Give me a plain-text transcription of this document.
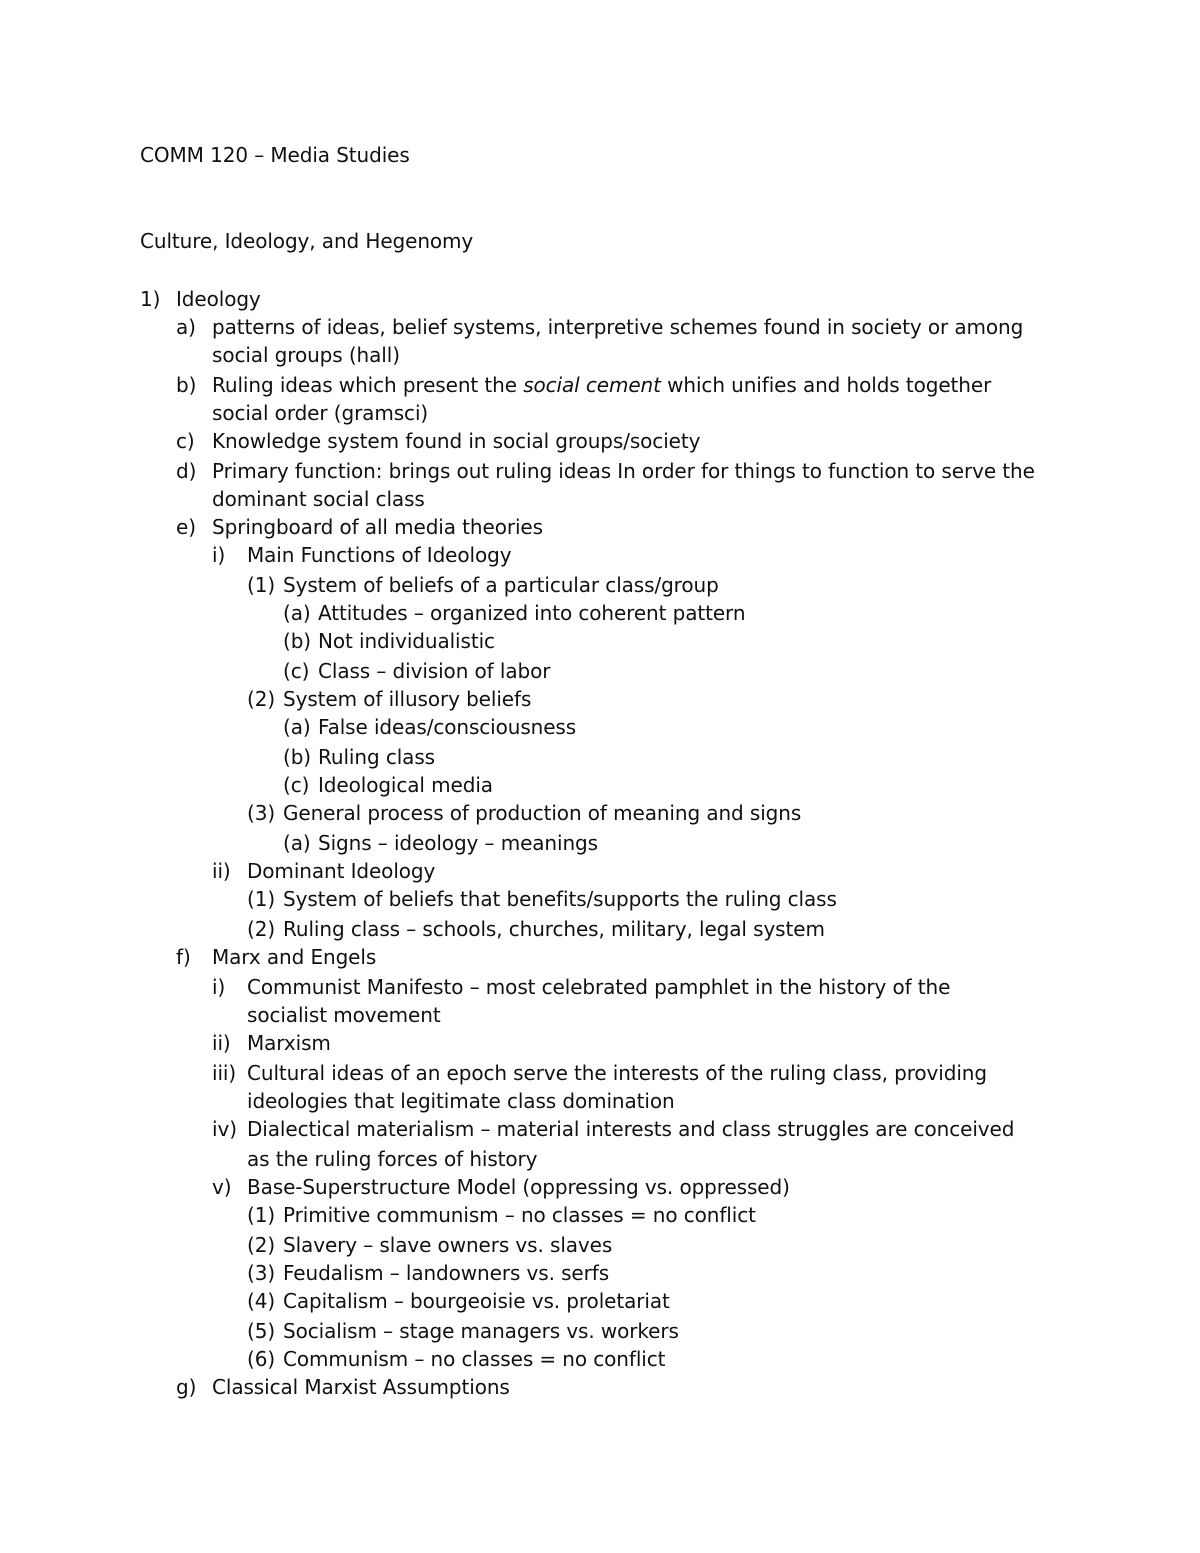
COMM 120 – Media Studies
Culture, Ideology, and Hegenomy
1) Ideology
a) patterns of ideas, belief systems, interpretive schemes found in society or among
social groups (hall)
b) Ruling ideas which present the social cement which unifies and holds together
social order (gramsci)
c) Knowledge system found in social groups/society
d) Primary function: brings out ruling ideas In order for things to function to serve the
dominant social class
e) Springboard of all media theories
i) Main Functions of Ideology
(1) System of beliefs of a particular class/group
(a) Attitudes – organized into coherent pattern
(b) Not individualistic
(c) Class – division of labor
(2) System of illusory beliefs
(a) False ideas/consciousness
(b) Ruling class
(c) Ideological media
(3) General process of production of meaning and signs
(a) Signs – ideology – meanings
ii) Dominant Ideology
(1) System of beliefs that benefits/supports the ruling class
(2) Ruling class – schools, churches, military, legal system
f) Marx and Engels
i) Communist Manifesto – most celebrated pamphlet in the history of the
socialist movement
ii) Marxism
iii) Cultural ideas of an epoch serve the interests of the ruling class, providing
ideologies that legitimate class domination
iv) Dialectical materialism – material interests and class struggles are conceived
as the ruling forces of history
v) Base-Superstructure Model (oppressing vs. oppressed)
(1) Primitive communism – no classes = no conflict
(2) Slavery – slave owners vs. slaves
(3) Feudalism – landowners vs. serfs
(4) Capitalism – bourgeoisie vs. proletariat
(5) Socialism – stage managers vs. workers
(6) Communism – no classes = no conflict
g) Classical Marxist Assumptions
